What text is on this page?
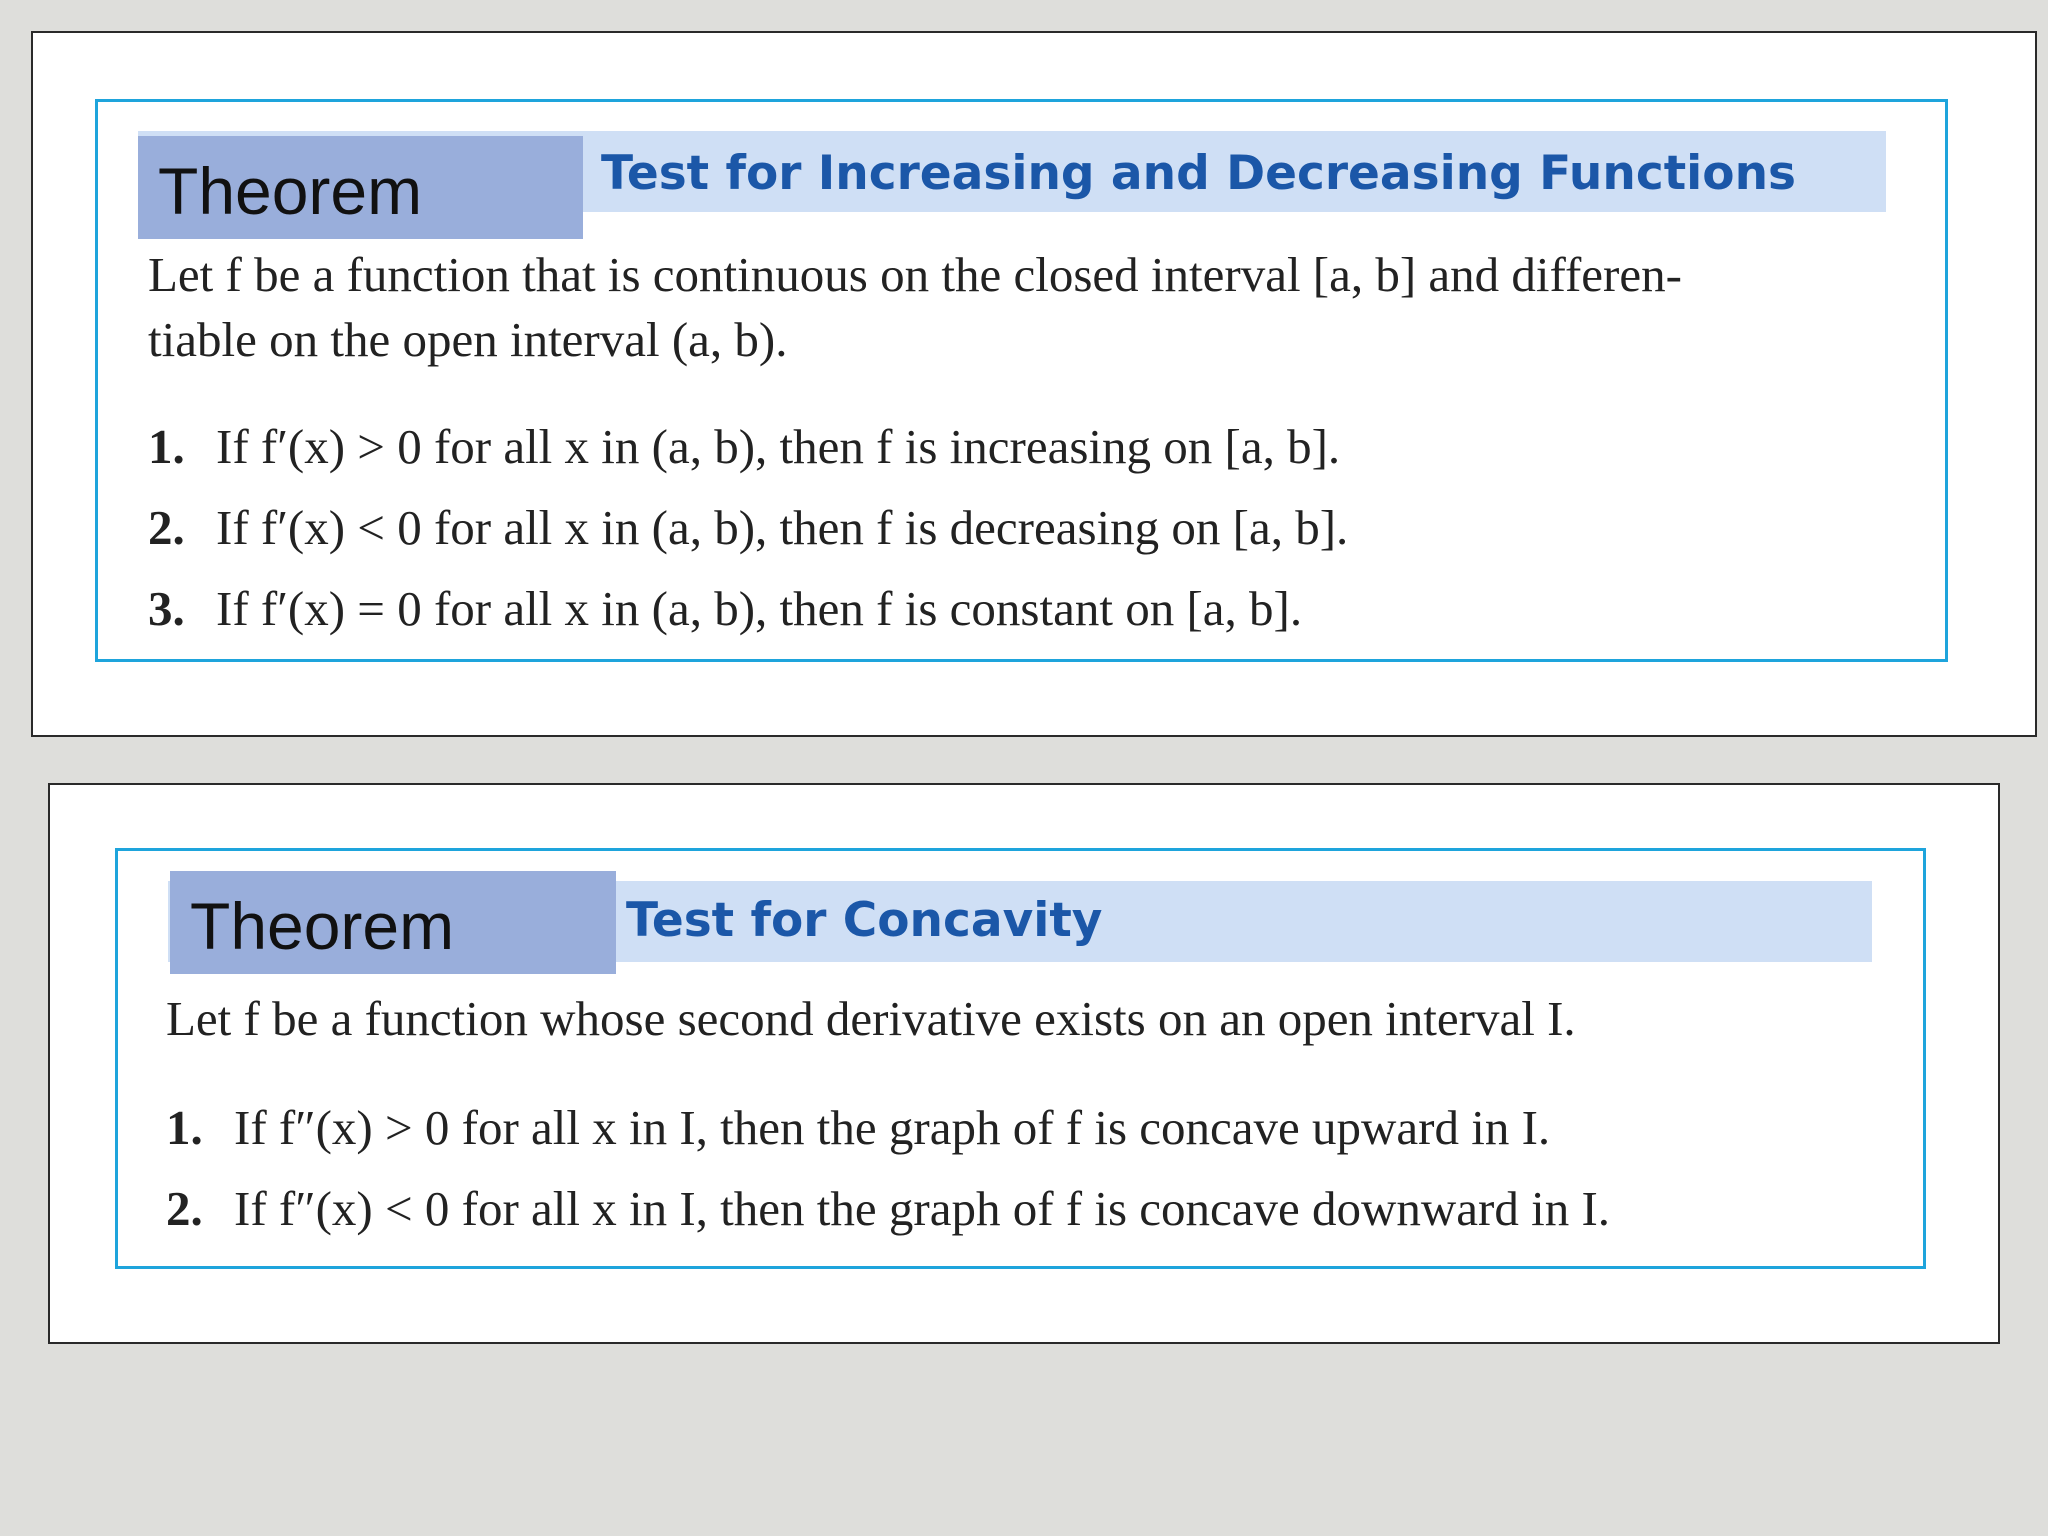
Theorem	Test for Increasing and Decreasing Functions
Let f be a function that is continuous on the closed interval [a, b] and differen-
tiable on the open interval (a, b).
1. If f′(x) > 0 for all x in (a, b), then f is increasing on [a, b].
2. If f′(x) < 0 for all x in (a, b), then f is decreasing on [a, b].
3. If f′(x) = 0 for all x in (a, b), then f is constant on [a, b].
Theorem	Test for Concavity
Let f be a function whose second derivative exists on an open interval I.
1. If f″(x) > 0 for all x in I, then the graph of f is concave upward in I.
2. If f″(x) < 0 for all x in I, then the graph of f is concave downward in I.
